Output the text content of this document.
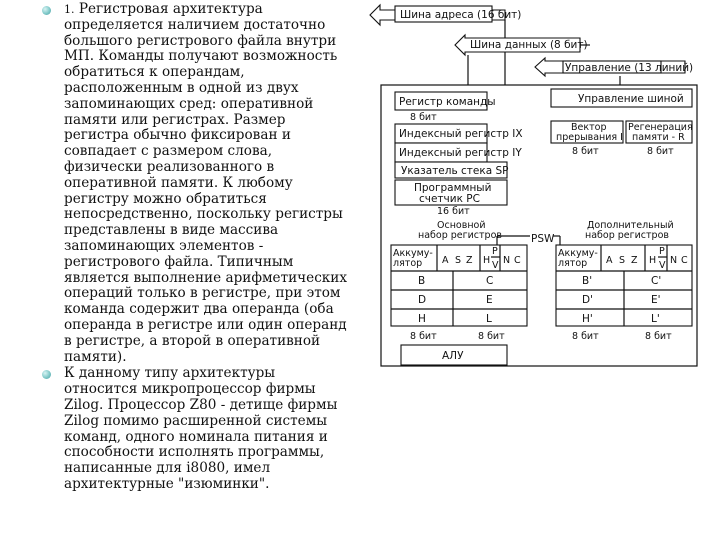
1. Регистровая архитектура определяется наличием достаточно большого регистрового файла внутри МП. Команды получают возможность обратиться к операндам, расположенным в одной из двух запоминающих сред: оперативной памяти или регистрах. Размер регистра обычно фиксирован и совпадает с размером слова, физически реализованного в оперативной памяти. К любому регистру можно обратиться непосредственно, поскольку регистры представлены в виде массива запоминающих элементов - регистрового файла. Типичным является выполнение арифметических операций только в регистре, при этом команда содержит два операнда (оба операнда в регистре или один операнд в регистре, а второй в оперативной памяти).
К данному типу архитектуры относится микропроцессор фирмы Zilog. Процессор Z80 - детище фирмы Zilog помимо расширенной системы команд, одного номинала питания и способности исполнять программы, написанные для i8080, имел архитектурные "изюминки".
Шина адреса (16 бит)
Шина данных (8 бит)
Управление (13 линий)
Регистр команды
8 бит
Управление шиной
Индексный регистр IX
Индексный регистр IY
Вектор
прерывания I
8 бит
Регенерация
памяти - R
8 бит
Указатель стека SP
Программный
счетчик PC
16 бит
Основной
набор регистров
Дополнительный
набор регистров
PSW
Аккуму-
лятор A S Z H
P
V N C
B	C
D	E
H	L
8 бит	8 бит
Аккуму-
лятор A S Z H
P
V N C
B'	C'
D'	E'
H'	L'
8 бит	8 бит
АЛУ
